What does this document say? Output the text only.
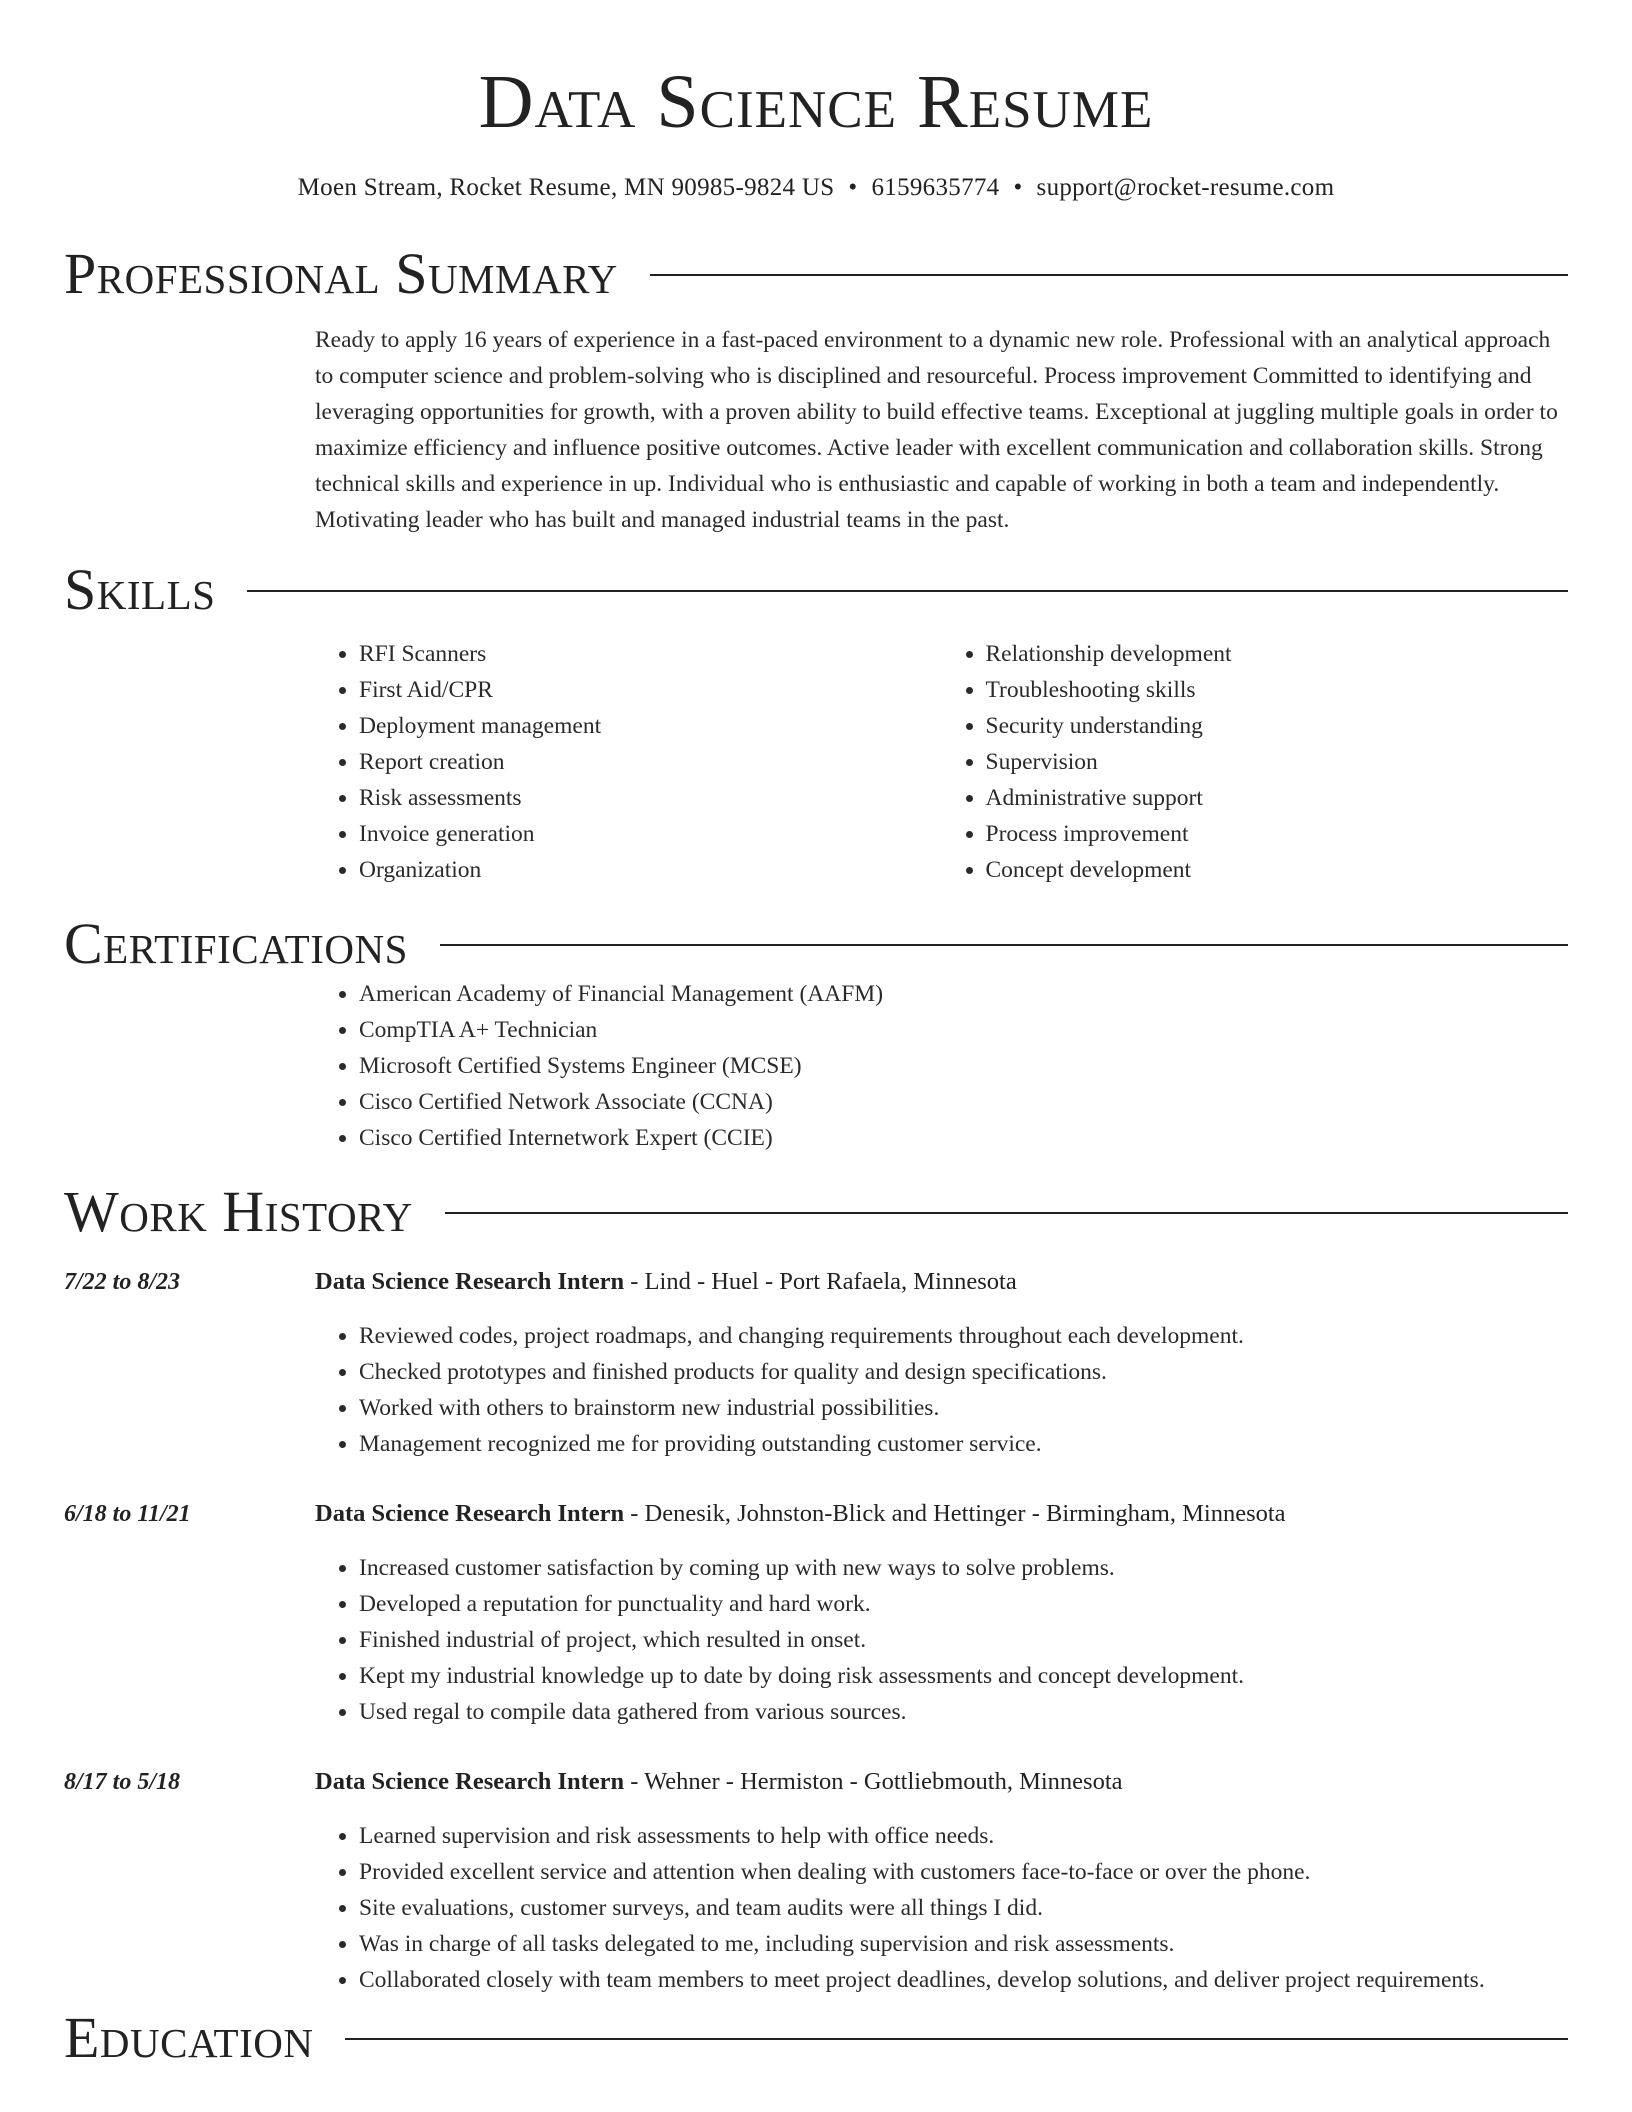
Data Science Resume
Moen Stream, Rocket Resume, MN 90985-9824 US • 6159635774 • support@rocket-resume.com
Professional Summary

Ready to apply 16 years of experience in a fast-paced environment to a dynamic new role. Professional with an analytical approach to computer science and problem-solving who is disciplined and resourceful. Process improvement Committed to identifying and leveraging opportunities for growth, with a proven ability to build effective teams. Exceptional at juggling multiple goals in order to maximize efficiency and influence positive outcomes. Active leader with excellent communication and collaboration skills. Strong technical skills and experience in up. Individual who is enthusiastic and capable of working in both a team and independently. Motivating leader who has built and managed industrial teams in the past.

Skills
• RFI Scanners
• First Aid/CPR
• Deployment management
• Report creation
• Risk assessments
• Invoice generation
• Organization
• Relationship development
• Troubleshooting skills
• Security understanding
• Supervision
• Administrative support
• Process improvement
• Concept development
Certifications
• American Academy of Financial Management (AAFM)
• CompTIA A+ Technician
• Microsoft Certified Systems Engineer (MCSE)
• Cisco Certified Network Associate (CCNA)
• Cisco Certified Internetwork Expert (CCIE)
Work History
7/22 to 8/23	Data Science Research Intern - Lind - Huel - Port Rafaela, Minnesota
• Reviewed codes, project roadmaps, and changing requirements throughout each development.
• Checked prototypes and finished products for quality and design specifications.
• Worked with others to brainstorm new industrial possibilities.
• Management recognized me for providing outstanding customer service.
6/18 to 11/21	Data Science Research Intern - Denesik, Johnston-Blick and Hettinger - Birmingham, Minnesota
• Increased customer satisfaction by coming up with new ways to solve problems.
• Developed a reputation for punctuality and hard work.
• Finished industrial of project, which resulted in onset.
• Kept my industrial knowledge up to date by doing risk assessments and concept development.
• Used regal to compile data gathered from various sources.
8/17 to 5/18	Data Science Research Intern - Wehner - Hermiston - Gottliebmouth, Minnesota
• Learned supervision and risk assessments to help with office needs.
• Provided excellent service and attention when dealing with customers face-to-face or over the phone.
• Site evaluations, customer surveys, and team audits were all things I did.
• Was in charge of all tasks delegated to me, including supervision and risk assessments.
• Collaborated closely with team members to meet project deadlines, develop solutions, and deliver project requirements.
Education
